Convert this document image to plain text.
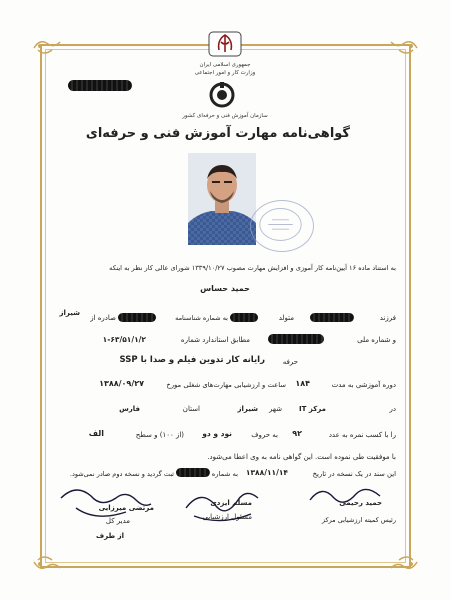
جمهوری اسلامی ایران
وزارت کار و امور اجتماعی
سازمان آموزش فنی و حرفه‌ای کشور
گواهی‌نامه مهارت آموزش فنی و حرفه‌ای
به استناد ماده ۱۶ آیین‌نامه کار آموزی و افزایش مهارت مصوب ۱۳۳۹/۱۰/۲۷ شورای عالی کار نظر به اینکه
حمید حساس
فرزند
متولد
به شماره شناسنامه
صادره از
شیراز
و شماره ملی
مطابق استاندارد شماره
۱-۶۳/۵۱/۱/۲
حرفه
رایانه کار تدوین فیلم و صدا با SSP
دوره آموزشی به مدت
۱۸۴
ساعت و ارزشیابی مهارت‌های شغلی مورخ
۱۳۸۸/۰۹/۲۷
در
مرکز IT
شهر
شیراز
استان
فارس
را با کسب نمره به عدد
۹۲
به حروف
نود و دو
(از ۱۰۰) و سطح
الف
با موفقیت طی نموده است. این گواهی نامه به وی اعطا می‌شود.
این سند در یک نسخه در تاریخ
۱۳۸۸/۱۱/۱۴
به شماره
ثبت گردید و نسخه دوم صادر نمی‌شود.
مرتضی میرزایی
مدیر کل
از طرف
مسلم ایزدی
مسئول ارزشیابی
حمید رحیمی
رئیس کمیته ارزشیابی مرکز
